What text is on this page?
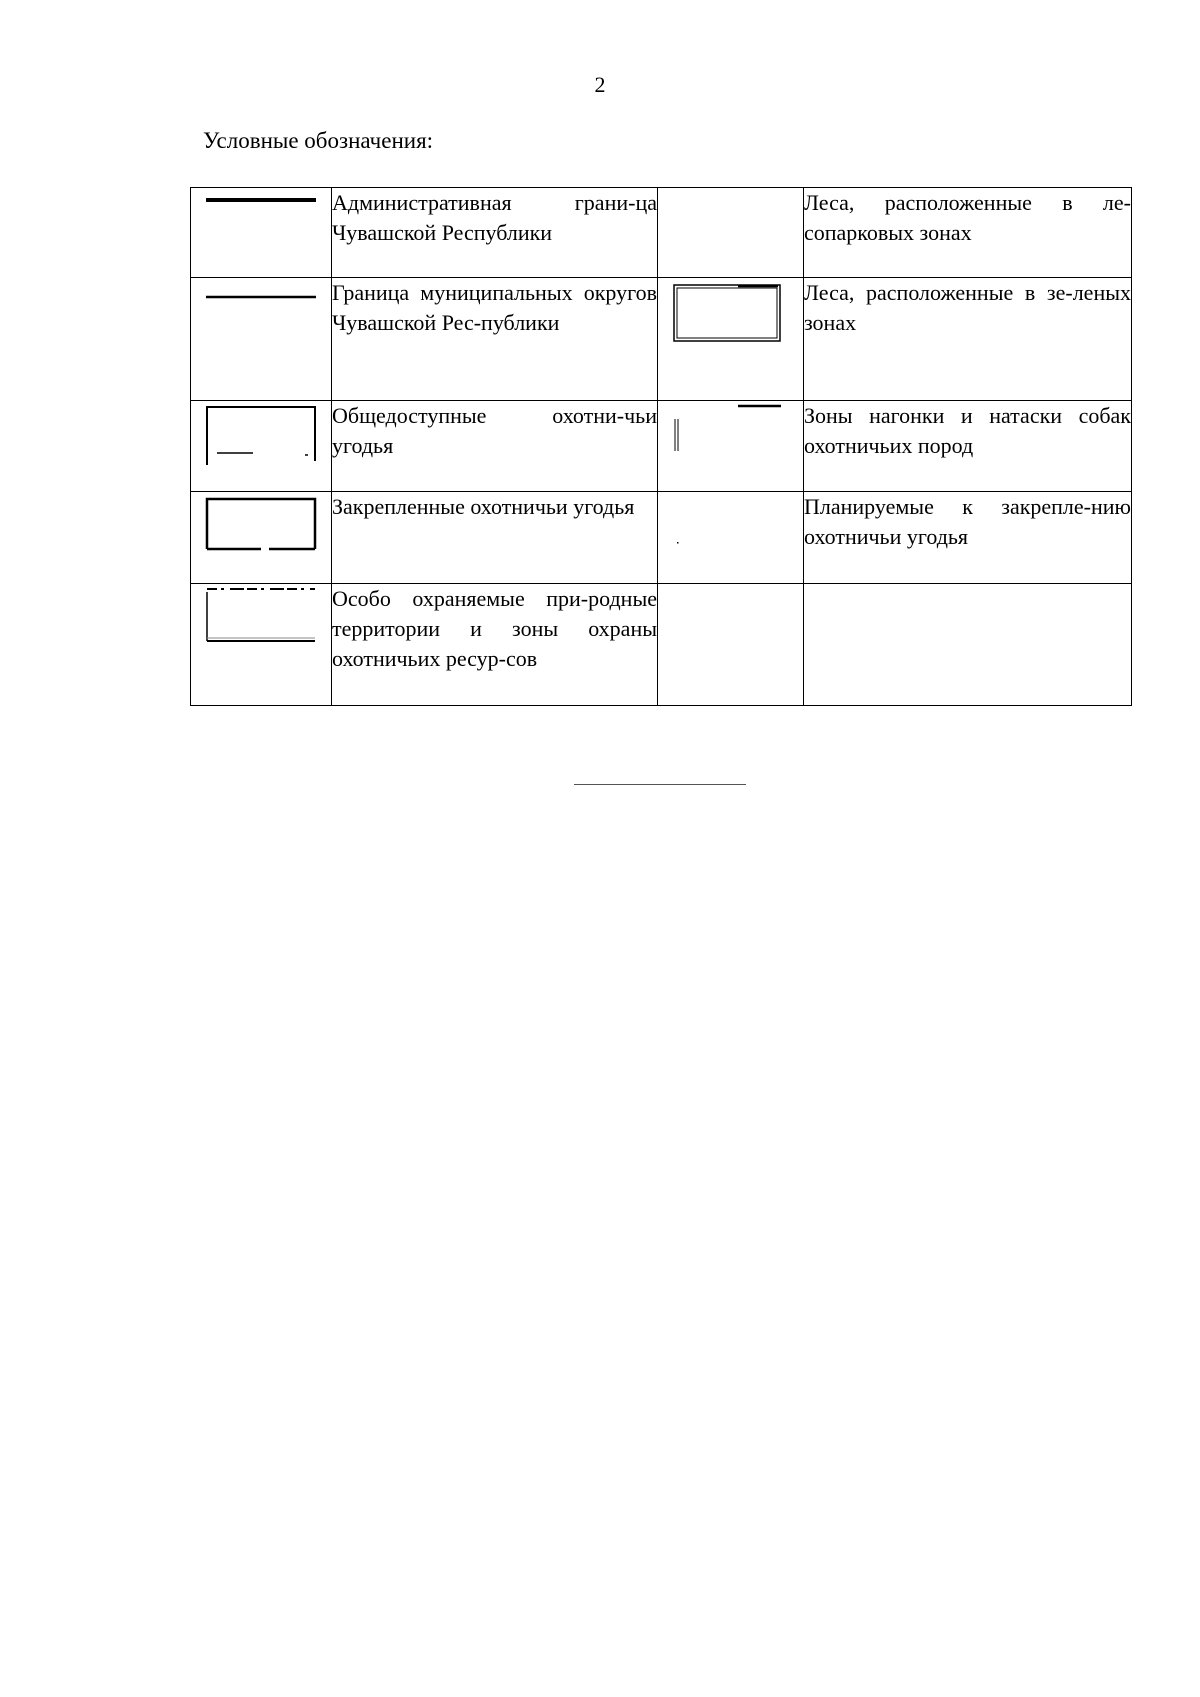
2
Условные обозначения:
	Административная грани-ца Чувашской Республики		Леса, расположенные в ле-сопарковых зонах

	Граница муниципальных округов Чувашской Рес-публики		Леса, расположенные в зе-леных зонах

	Общедоступные охотни-чьи угодья		Зоны нагонки и натаски собак охотничьих пород

	Закрепленные охотничьи угодья		Планируемые к закрепле-нию охотничьи угодья

	Особо охраняемые при-родные территории и зоны охраны охотничьих ресур-сов		
